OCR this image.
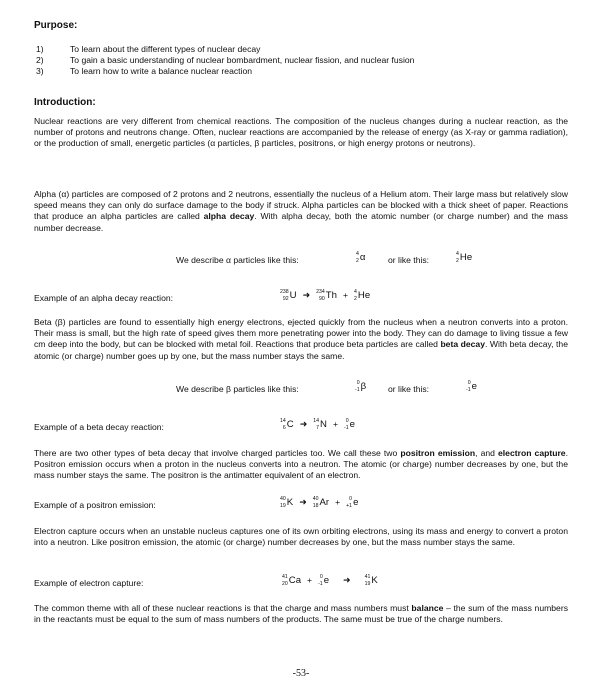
Purpose:
1)	To learn about the different types of nuclear decay
2)	To gain a basic understanding of nuclear bombardment, nuclear fission, and nuclear fusion
3)	To learn how to write a balance nuclear reaction
Introduction:

Nuclear reactions are very different from chemical reactions. The composition of the nucleus changes during a nuclear reaction, as the number of protons and neutrons change. Often, nuclear reactions are accompanied by the release of energy (as X-ray or gamma radiation), or the production of small, energetic particles (α particles, β particles, positrons, or high energy protons or neutrons).

Alpha (α) particles are composed of 2 protons and 2 neutrons, essentially the nucleus of a Helium atom. Their large mass but relatively slow speed means they can only do surface damage to the body if struck. Alpha particles can be blocked with a thick sheet of paper. Reactions that produce an alpha particles are called alpha decay. With alpha decay, both the atomic number (or charge number) and the mass number decrease.

We describe α particles like this:
4
2 α	or like this:
4
2 He
Example of an alpha decay reaction:
238
92 U ➜ 234
90 Th + 4
2 He

Beta (β) particles are found to essentially high energy electrons, ejected quickly from the nucleus when a neutron converts into a proton. Their mass is small, but the high rate of speed gives them more penetrating power into the body. They can do damage to living tissue a few cm deep into the body, but can be blocked with metal foil. Reactions that produce beta particles are called beta decay. With beta decay, the atomic (or charge) number goes up by one, but the mass number stays the same.

We describe β particles like this:
0
-1 β	or like this:
0
-1 e
Example of a beta decay reaction:
14
6 C ➜ 14
7 N + 0
-1 e

There are two other types of beta decay that involve charged particles too. We call these two positron emission, and electron capture. Positron emission occurs when a proton in the nucleus converts into a neutron. The atomic (or charge) number decreases by one, but the mass number stays the same. The positron is the antimatter equivalent of an electron.

Example of a positron emission:
40
19 K ➜ 40
18 Ar + 0
+1 e

Electron capture occurs when an unstable nucleus captures one of its own orbiting electrons, using its mass and energy to convert a proton into a neutron. Like positron emission, the atomic (or charge) number decreases by one, but the mass number stays the same.

Example of electron capture:
41
20 Ca + 0
-1 e ➜	41
19 K

The common theme with all of these nuclear reactions is that the charge and mass numbers must balance – the sum of the mass numbers in the reactants must be equal to the sum of mass numbers of the products. The same must be true of the charge numbers.

-53-
